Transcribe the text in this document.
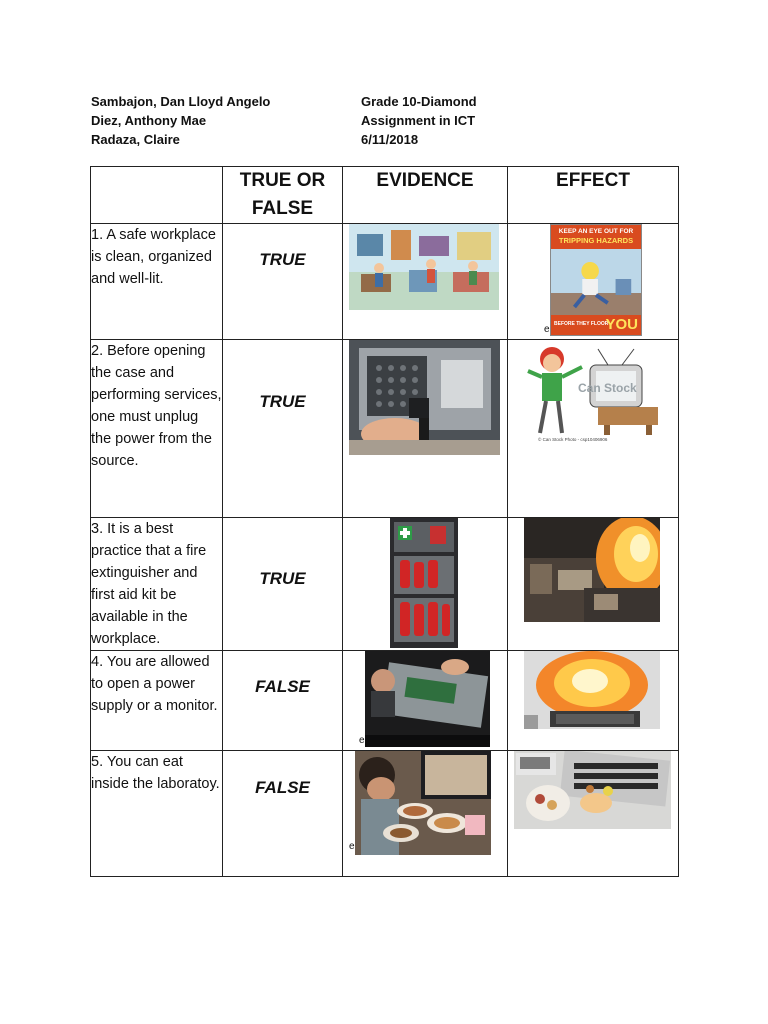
Sambajon, Dan Lloyd Angelo
Diez, Anthony Mae
Radaza, Claire
Grade 10-Diamond
Assignment in ICT
6/11/2018
	TRUE OR FALSE	EVIDENCE	EFFECT
1. A safe workplace is clean, organized and well-lit.	TRUE		KEEP AN EYE OUT FOR
TRIPPING HAZARDS
BEFORE THEY FLOOR
YOU
e

2. Before opening the case and performing services, one must unplug the power from the source.	TRUE		Can Stock
© Can Stock Photo - csp10406906

3. It is a best practice that a fire extinguisher and first aid kit be available in the workplace.	TRUE

4. You are allowed to open a power supply or a monitor.	FALSE	e

5. You can eat inside the laboratoy.	FALSE	e
